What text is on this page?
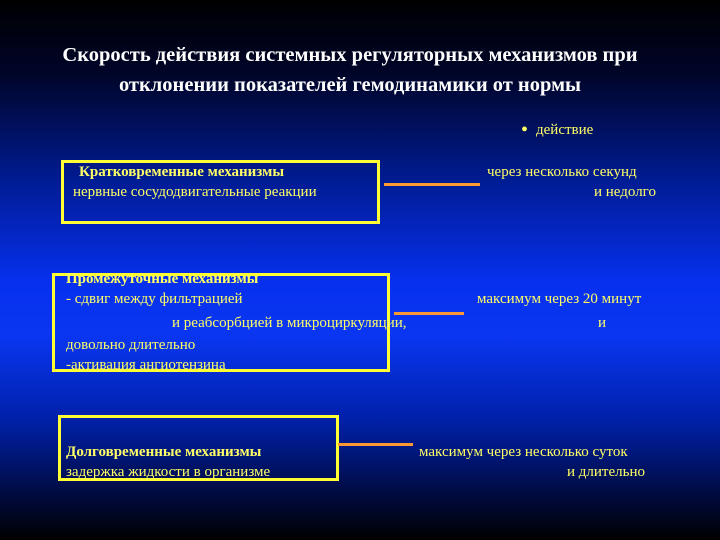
Скорость действия системных регуляторных механизмов при отклонении показателей гемодинамики от нормы
• действие
Кратковременные механизмы
нервные сосудодвигательные реакции
через несколько секунд
и недолго
Промежуточные механизмы
- сдвиг между фильтрацией
и реабсорбцией в микроциркуляции,
довольно длительно
-активация ангиотензина
максимум через 20 минут
и
Долговременные механизмы
задержка жидкости в организме
максимум через несколько суток
и длительно
